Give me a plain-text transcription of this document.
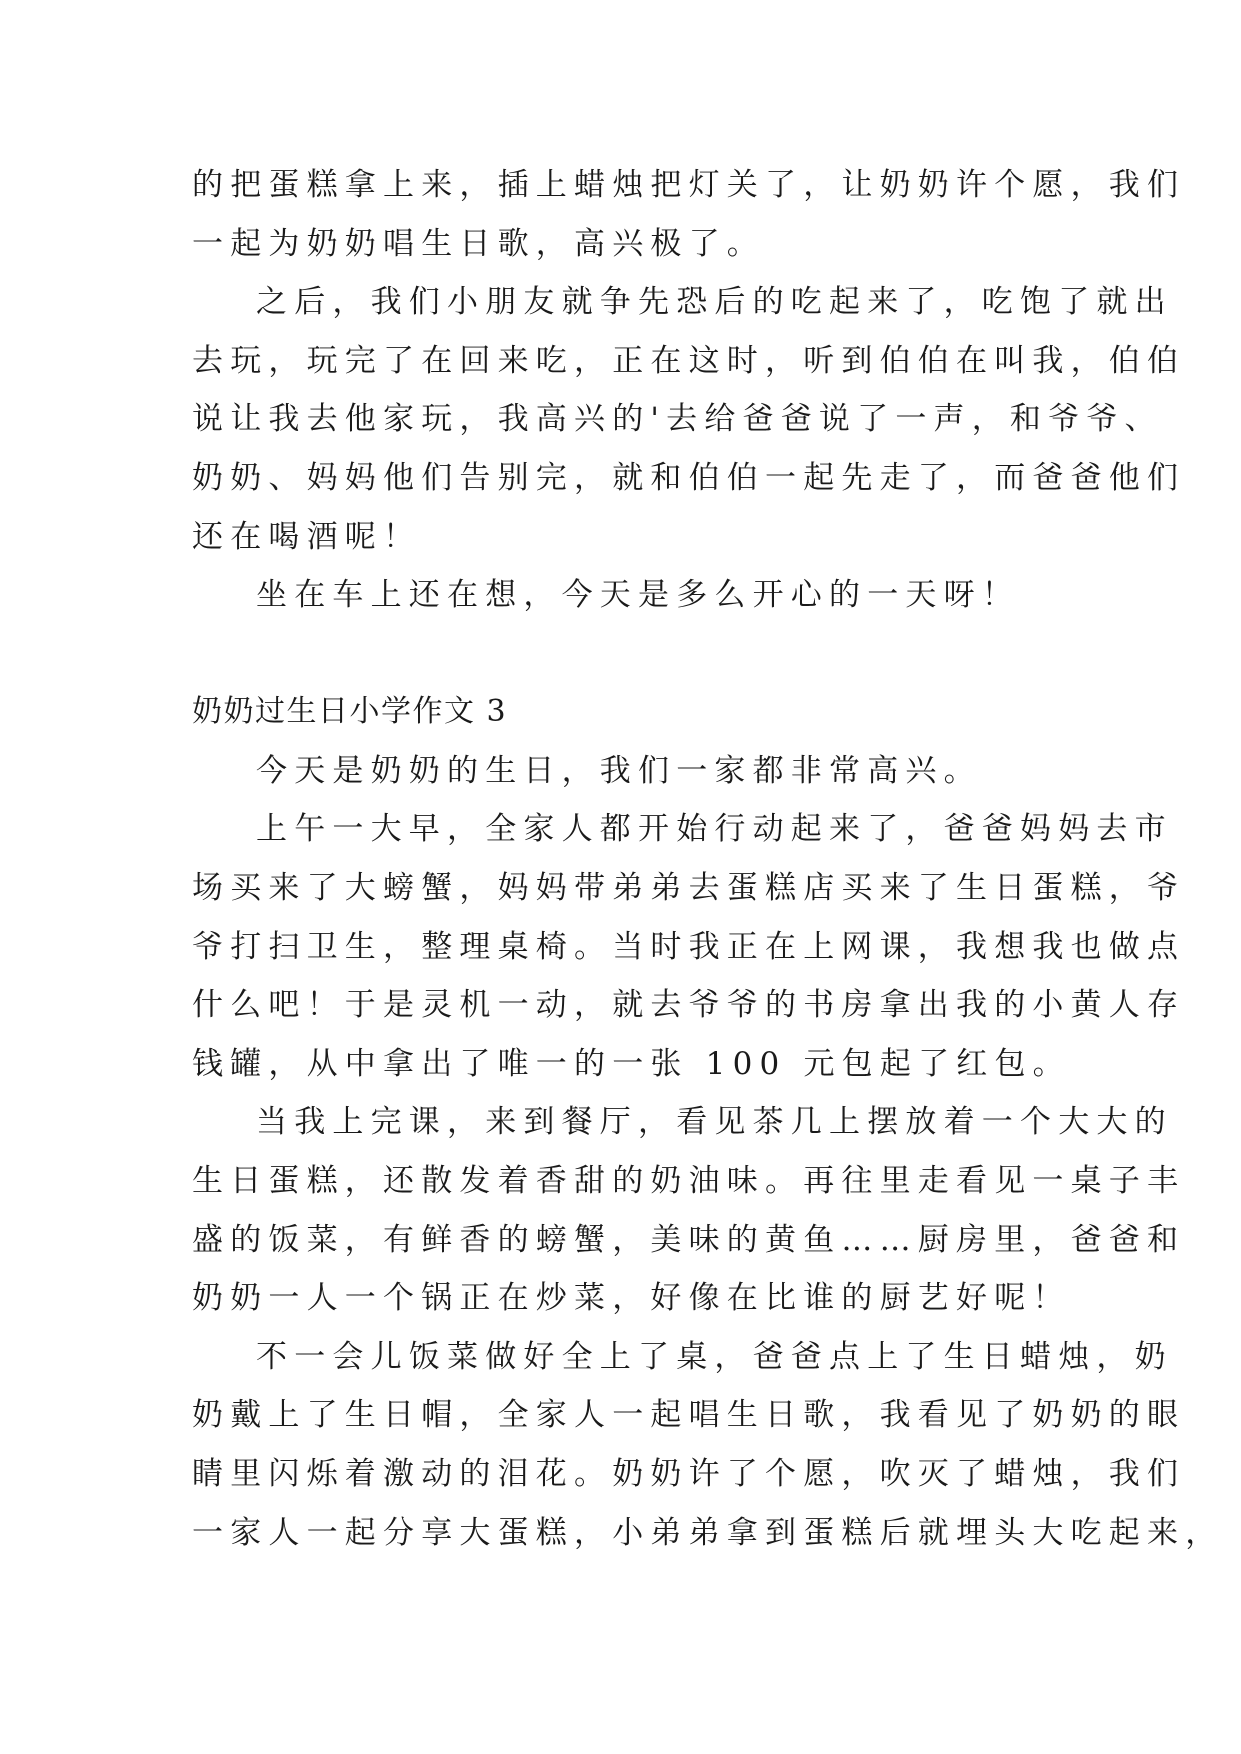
的把蛋糕拿上来，插上蜡烛把灯关了，让奶奶许个愿，我们
一起为奶奶唱生日歌，高兴极了。
之后，我们小朋友就争先恐后的吃起来了，吃饱了就出
去玩，玩完了在回来吃，正在这时，听到伯伯在叫我，伯伯
说让我去他家玩，我高兴的'去给爸爸说了一声，和爷爷、
奶奶、妈妈他们告别完，就和伯伯一起先走了，而爸爸他们
还在喝酒呢！
坐在车上还在想，今天是多么开心的一天呀！
奶奶过生日小学作文 3
今天是奶奶的生日，我们一家都非常高兴。
上午一大早，全家人都开始行动起来了，爸爸妈妈去市
场买来了大螃蟹，妈妈带弟弟去蛋糕店买来了生日蛋糕，爷
爷打扫卫生，整理桌椅。当时我正在上网课，我想我也做点
什么吧！于是灵机一动，就去爷爷的书房拿出我的小黄人存
钱罐，从中拿出了唯一的一张 100 元包起了红包。
当我上完课，来到餐厅，看见茶几上摆放着一个大大的
生日蛋糕，还散发着香甜的奶油味。再往里走看见一桌子丰
盛的饭菜，有鲜香的螃蟹，美味的黄鱼……厨房里，爸爸和
奶奶一人一个锅正在炒菜，好像在比谁的厨艺好呢！
不一会儿饭菜做好全上了桌，爸爸点上了生日蜡烛，奶
奶戴上了生日帽，全家人一起唱生日歌，我看见了奶奶的眼
睛里闪烁着激动的泪花。奶奶许了个愿，吹灭了蜡烛，我们
一家人一起分享大蛋糕，小弟弟拿到蛋糕后就埋头大吃起来，
